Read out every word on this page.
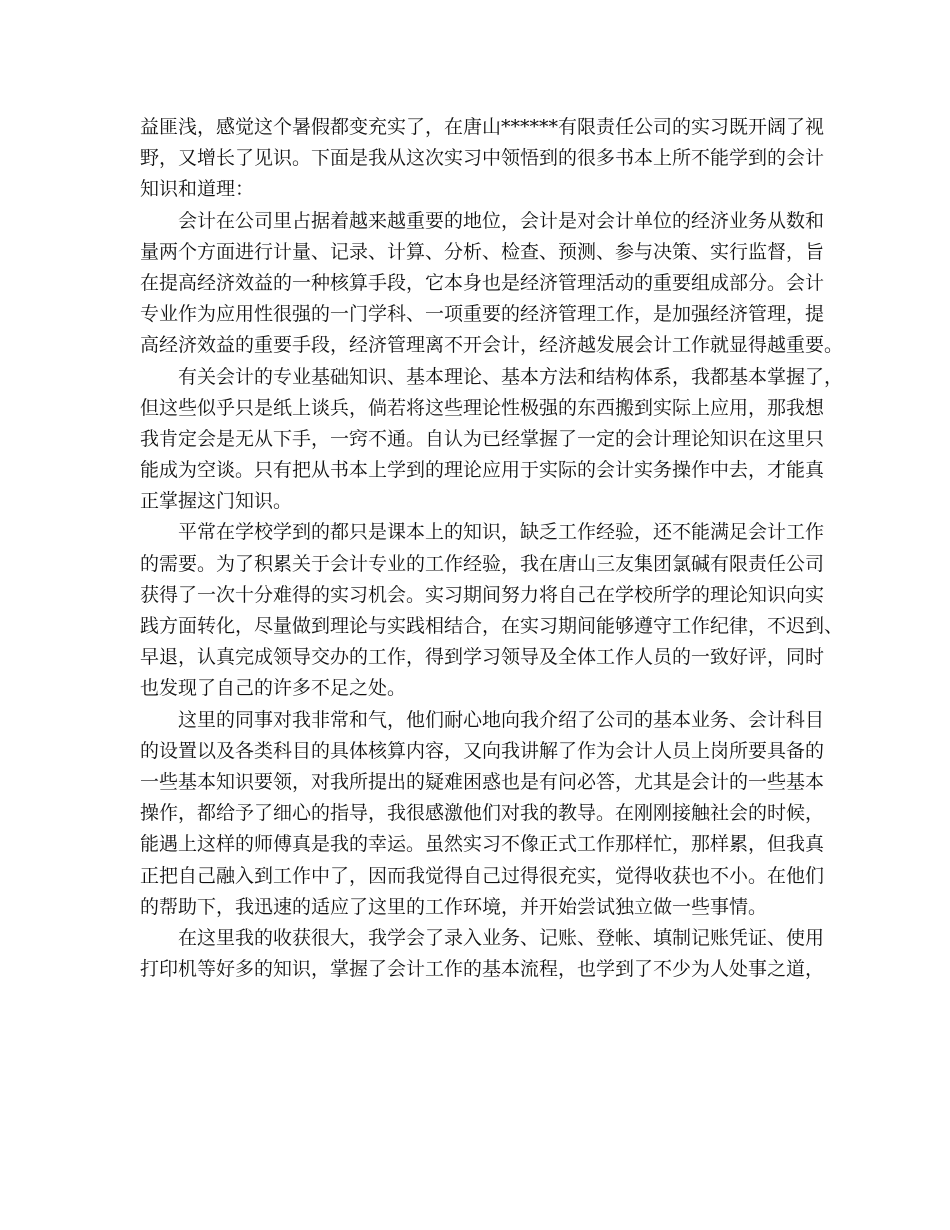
益匪浅，感觉这个暑假都变充实了，在唐山******有限责任公司的实习既开阔了视
野，又增长了见识。下面是我从这次实习中领悟到的很多书本上所不能学到的会计
知识和道理：
会计在公司里占据着越来越重要的地位，会计是对会计单位的经济业务从数和
量两个方面进行计量、记录、计算、分析、检查、预测、参与决策、实行监督，旨
在提高经济效益的一种核算手段，它本身也是经济管理活动的重要组成部分。会计
专业作为应用性很强的一门学科、一项重要的经济管理工作，是加强经济管理，提
高经济效益的重要手段，经济管理离不开会计，经济越发展会计工作就显得越重要。
有关会计的专业基础知识、基本理论、基本方法和结构体系，我都基本掌握了，
但这些似乎只是纸上谈兵，倘若将这些理论性极强的东西搬到实际上应用，那我想
我肯定会是无从下手，一窍不通。自认为已经掌握了一定的会计理论知识在这里只
能成为空谈。只有把从书本上学到的理论应用于实际的会计实务操作中去，才能真
正掌握这门知识。
平常在学校学到的都只是课本上的知识，缺乏工作经验，还不能满足会计工作
的需要。为了积累关于会计专业的工作经验，我在唐山三友集团氯碱有限责任公司
获得了一次十分难得的实习机会。实习期间努力将自己在学校所学的理论知识向实
践方面转化，尽量做到理论与实践相结合，在实习期间能够遵守工作纪律，不迟到、
早退，认真完成领导交办的工作，得到学习领导及全体工作人员的一致好评，同时
也发现了自己的许多不足之处。
这里的同事对我非常和气，他们耐心地向我介绍了公司的基本业务、会计科目
的设置以及各类科目的具体核算内容，又向我讲解了作为会计人员上岗所要具备的
一些基本知识要领，对我所提出的疑难困惑也是有问必答，尤其是会计的一些基本
操作，都给予了细心的指导，我很感激他们对我的教导。在刚刚接触社会的时候，
能遇上这样的师傅真是我的幸运。虽然实习不像正式工作那样忙，那样累，但我真
正把自己融入到工作中了，因而我觉得自己过得很充实，觉得收获也不小。在他们
的帮助下，我迅速的适应了这里的工作环境，并开始尝试独立做一些事情。
在这里我的收获很大，我学会了录入业务、记账、登帐、填制记账凭证、使用
打印机等好多的知识，掌握了会计工作的基本流程，也学到了不少为人处事之道，
